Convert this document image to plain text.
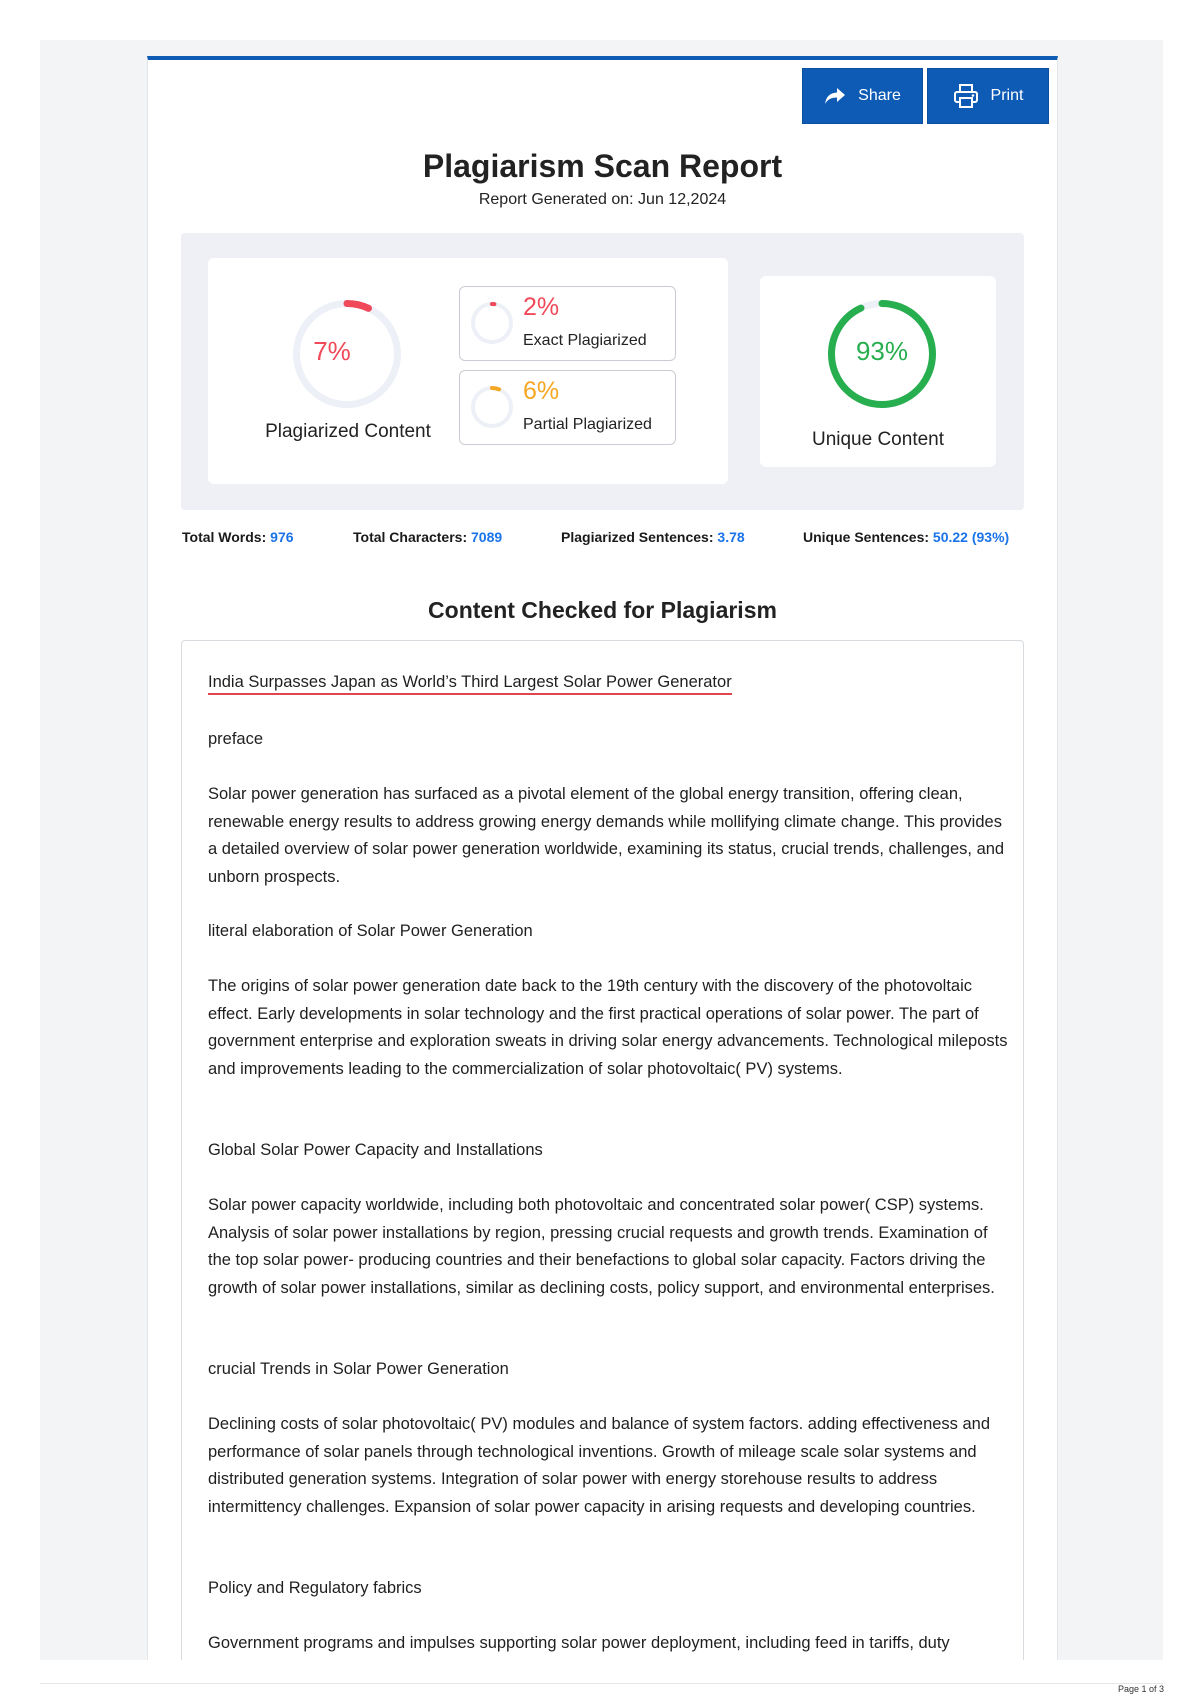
Share	Print
Plagiarism Scan Report
Report Generated on: Jun 12,2024
7%
Plagiarized Content
2%
Exact Plagiarized
6%
Partial Plagiarized
93%
Unique Content
Total Words: 976	Total Characters: 7089	Plagiarized Sentences: 3.78	Unique Sentences: 50.22 (93%)
Content Checked for Plagiarism
India Surpasses Japan as World’s Third Largest Solar Power Generator
preface
Solar power generation has surfaced as a pivotal element of the global energy transition, offering clean, renewable energy results to address growing energy demands while mollifying climate change. This provides a detailed overview of solar power generation worldwide, examining its status, crucial trends, challenges, and unborn prospects.
literal elaboration of Solar Power Generation
The origins of solar power generation date back to the 19th century with the discovery of the photovoltaic effect. Early developments in solar technology and the first practical operations of solar power. The part of government enterprise and exploration sweats in driving solar energy advancements. Technological mileposts and improvements leading to the commercialization of solar photovoltaic( PV) systems.
Global Solar Power Capacity and Installations
Solar power capacity worldwide, including both photovoltaic and concentrated solar power( CSP) systems. Analysis of solar power installations by region, pressing crucial requests and growth trends. Examination of the top solar power- producing countries and their benefactions to global solar capacity. Factors driving the growth of solar power installations, similar as declining costs, policy support, and environmental enterprises.
crucial Trends in Solar Power Generation
Declining costs of solar photovoltaic( PV) modules and balance of system factors. adding effectiveness and performance of solar panels through technological inventions. Growth of mileage scale solar systems and distributed generation systems. Integration of solar power with energy storehouse results to address intermittency challenges. Expansion of solar power capacity in arising requests and developing countries.
Policy and Regulatory fabrics
Government programs and impulses supporting solar power deployment, including feed in tariffs, duty
Page 1 of 3
